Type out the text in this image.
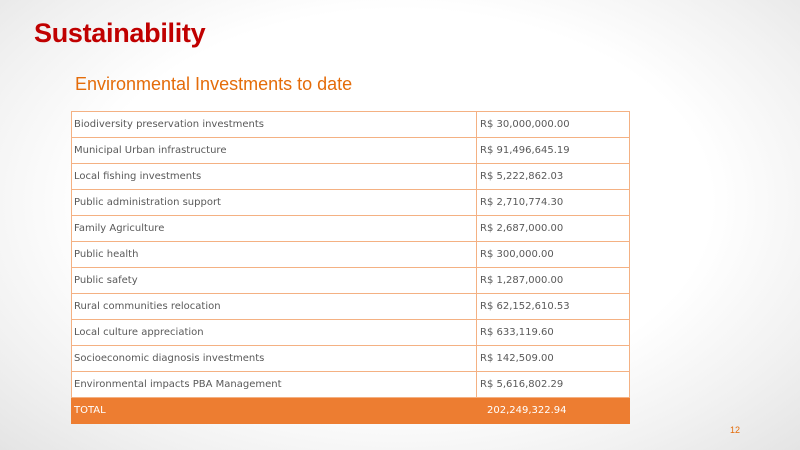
Sustainability
Environmental Investments to date
Biodiversity preservation investments	R$ 30,000,000.00
Municipal Urban infrastructure	R$ 91,496,645.19
Local fishing investments	R$ 5,222,862.03
Public administration support	R$ 2,710,774.30
Family Agriculture	R$ 2,687,000.00
Public health	R$ 300,000.00
Public safety	R$ 1,287,000.00
Rural communities relocation	R$ 62,152,610.53
Local culture appreciation	R$ 633,119.60
Socioeconomic diagnosis investments	R$ 142,509.00
Environmental impacts PBA Management	R$ 5,616,802.29
TOTAL	202,249,322.94
12
